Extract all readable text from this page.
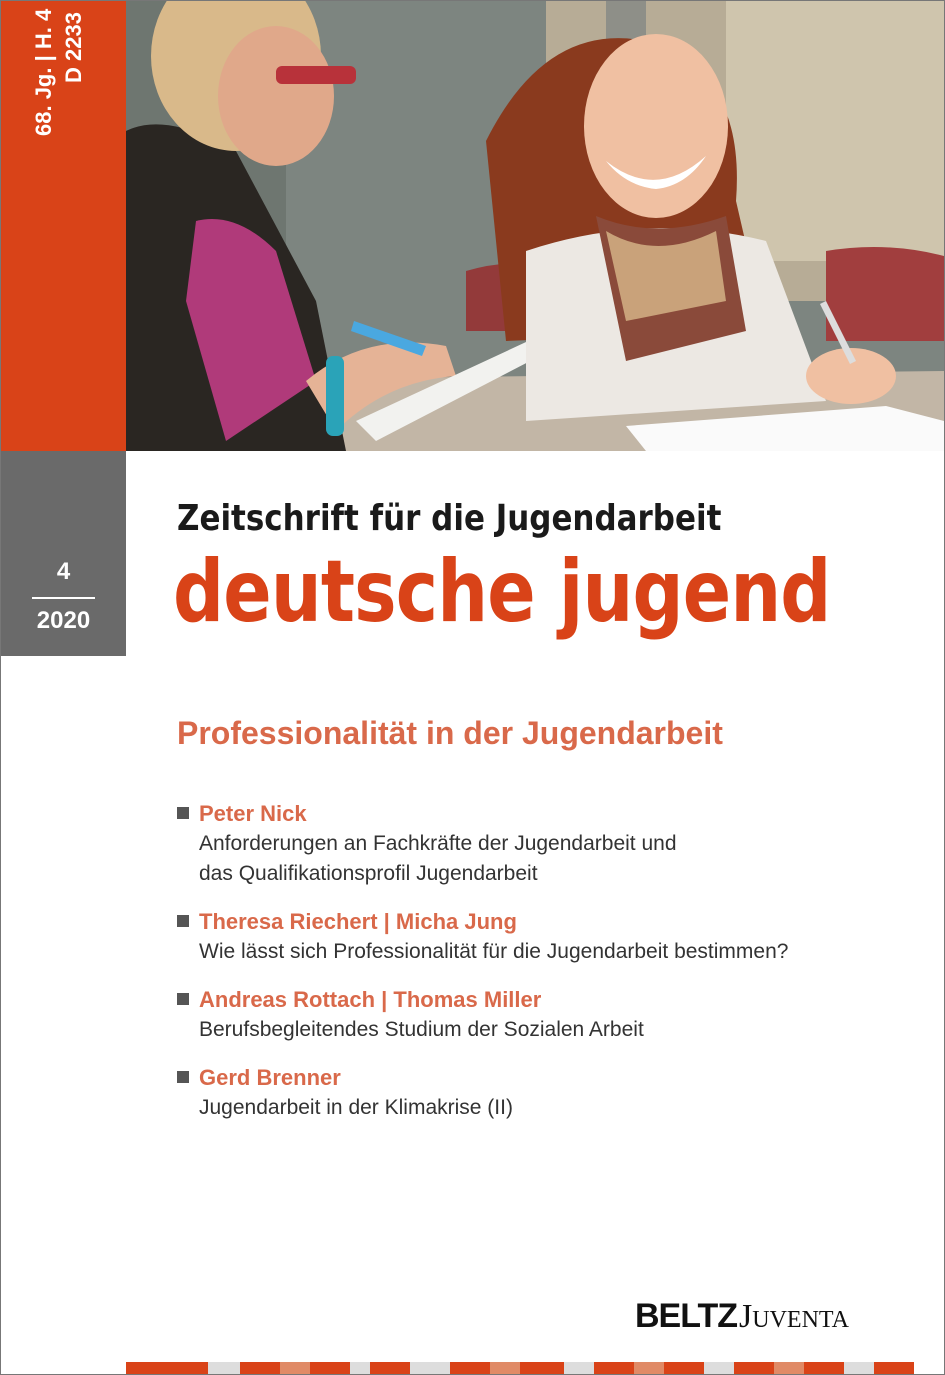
68. Jg. | H. 4 D 2233
4
2020
Zeitschrift für die Jugendarbeit
deutsche jugend
Professionalität in der Jugendarbeit
Peter Nick
Anforderungen an Fachkräfte der Jugendarbeit und
das Qualifikationsprofil Jugendarbeit
Theresa Riechert | Micha Jung
Wie lässt sich Professionalität für die Jugendarbeit bestimmen?
Andreas Rottach | Thomas Miller
Berufsbegleitendes Studium der Sozialen Arbeit
Gerd Brenner
Jugendarbeit in der Klimakrise (II)
BELTZJuventa
